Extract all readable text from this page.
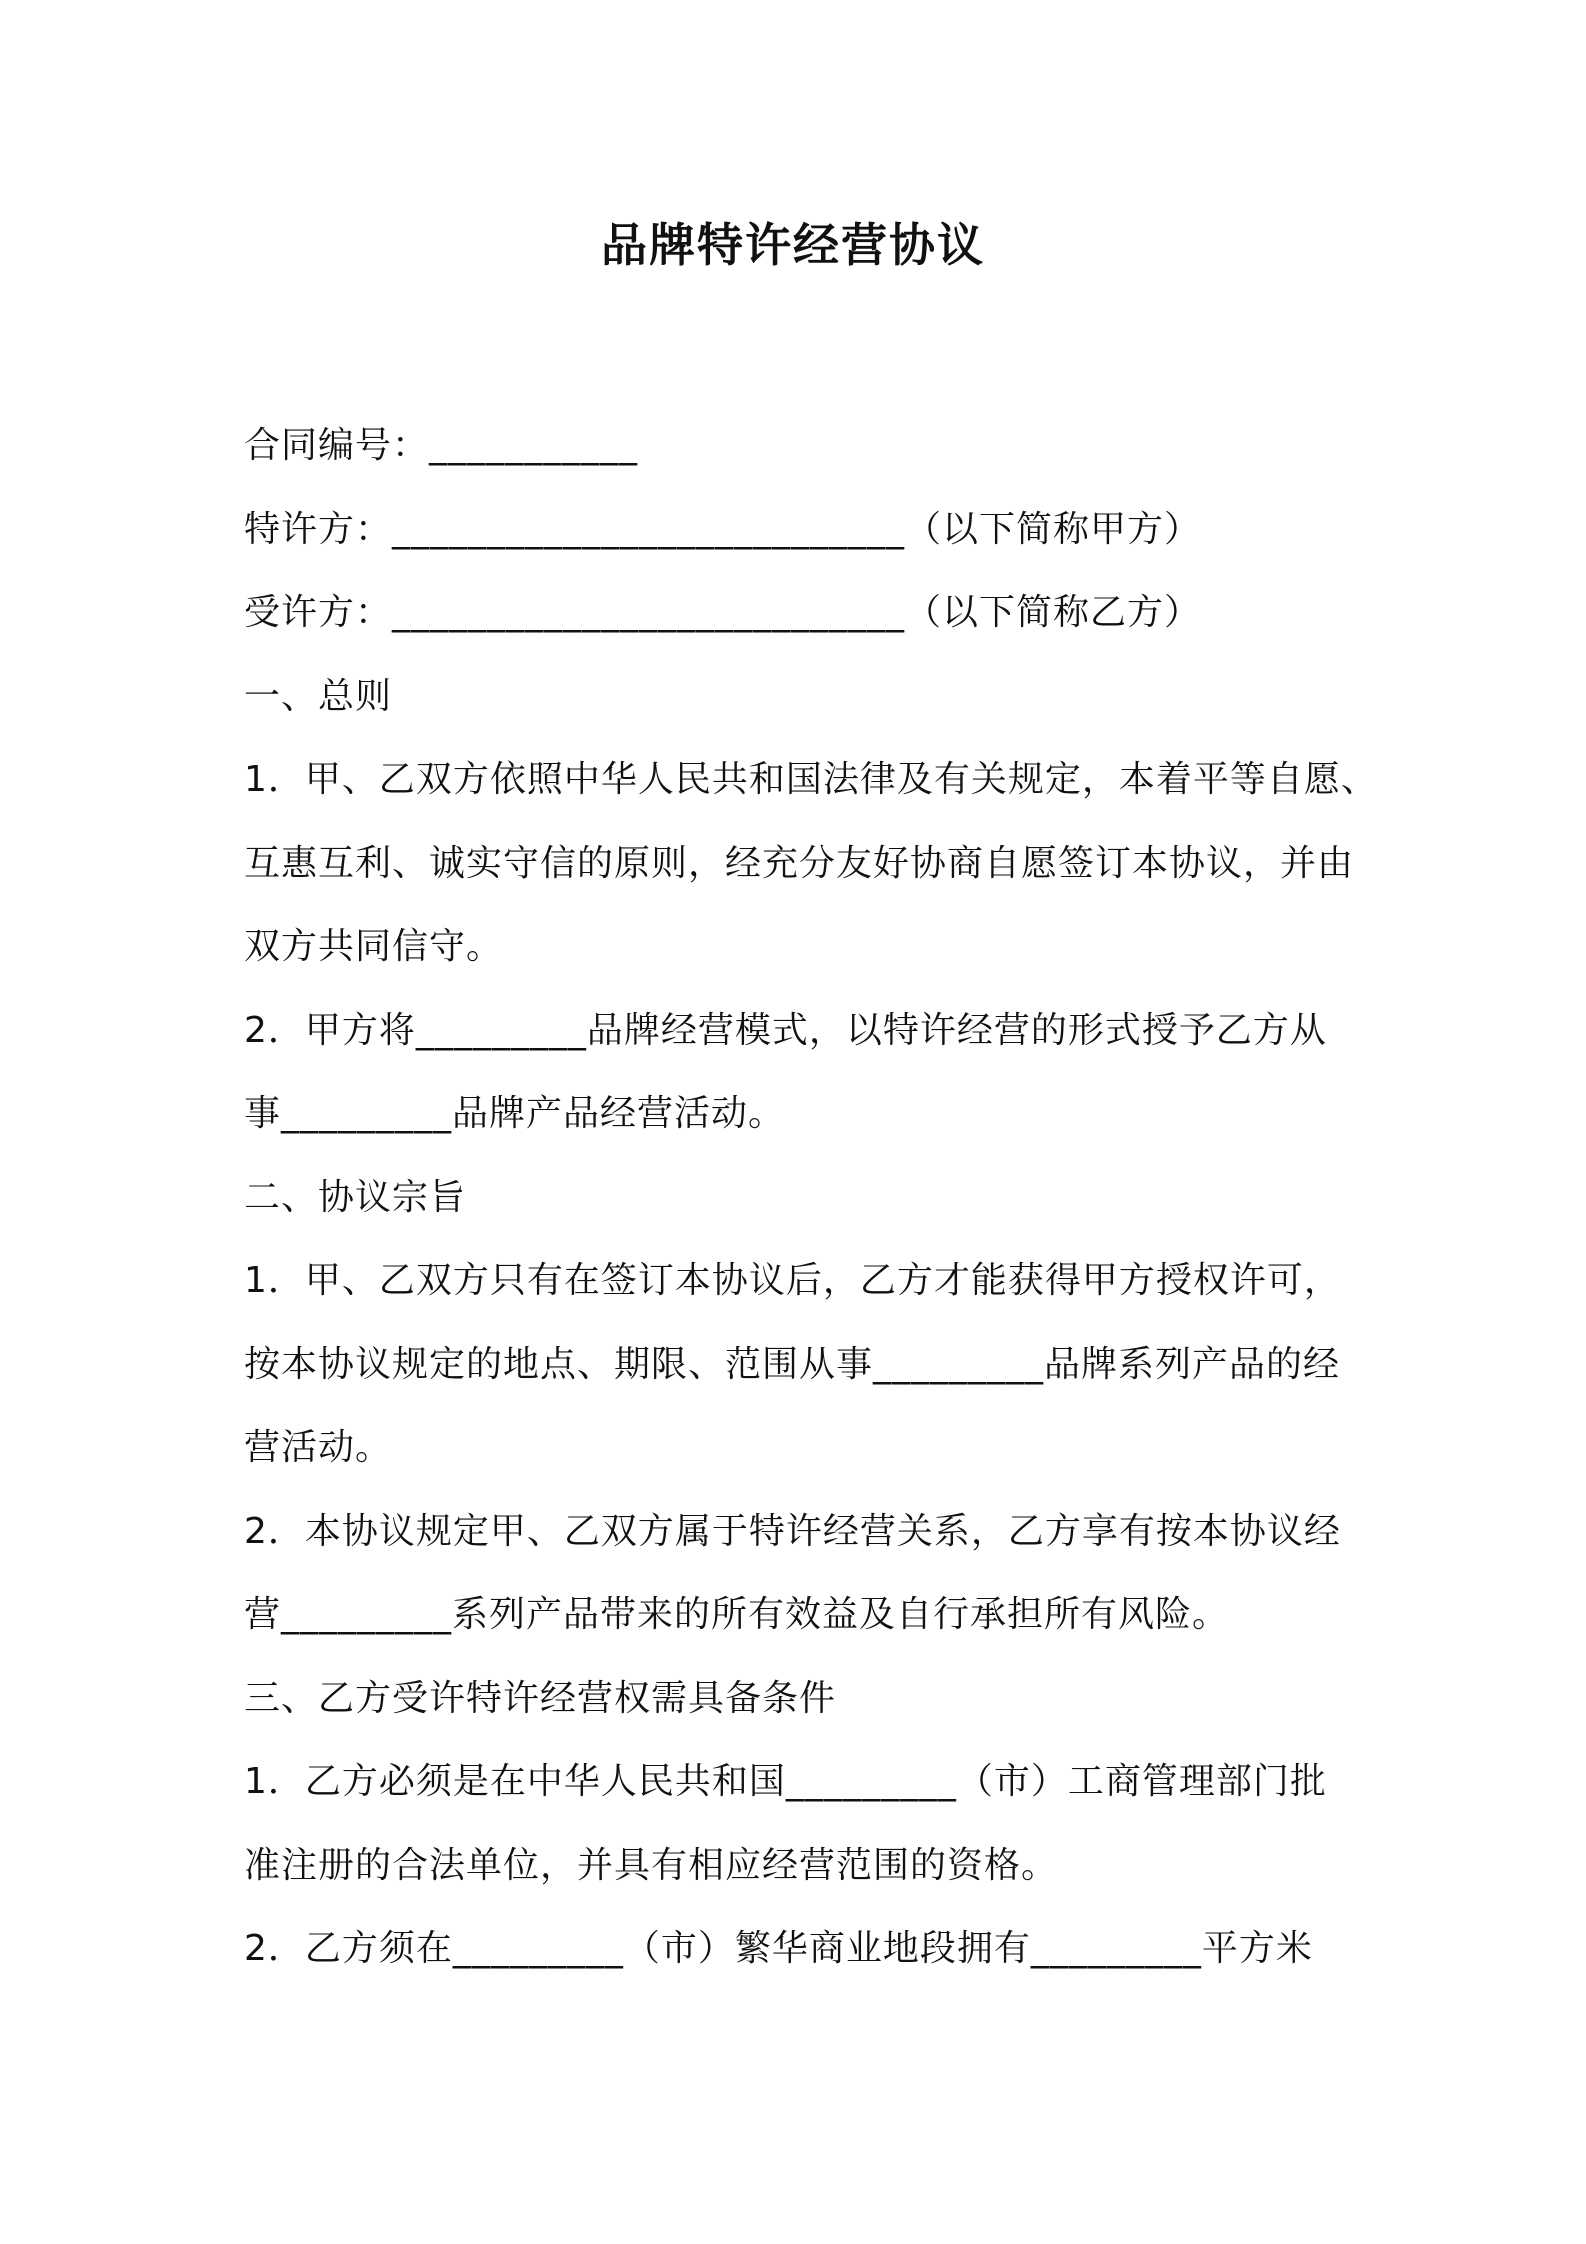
品牌特许经营协议
合同编号：___________
特许方：___________________________（以下简称甲方）
受许方：___________________________（以下简称乙方）
一、总则
1．甲、乙双方依照中华人民共和国法律及有关规定，本着平等自愿、
互惠互利、诚实守信的原则，经充分友好协商自愿签订本协议，并由
双方共同信守。
2．甲方将_________品牌经营模式，以特许经营的形式授予乙方从
事_________品牌产品经营活动。
二、协议宗旨
1．甲、乙双方只有在签订本协议后，乙方才能获得甲方授权许可，
按本协议规定的地点、期限、范围从事_________品牌系列产品的经
营活动。
2．本协议规定甲、乙双方属于特许经营关系，乙方享有按本协议经
营_________系列产品带来的所有效益及自行承担所有风险。
三、乙方受许特许经营权需具备条件
1．乙方必须是在中华人民共和国_________（市）工商管理部门批
准注册的合法单位，并具有相应经营范围的资格。
2．乙方须在_________（市）繁华商业地段拥有_________平方米
